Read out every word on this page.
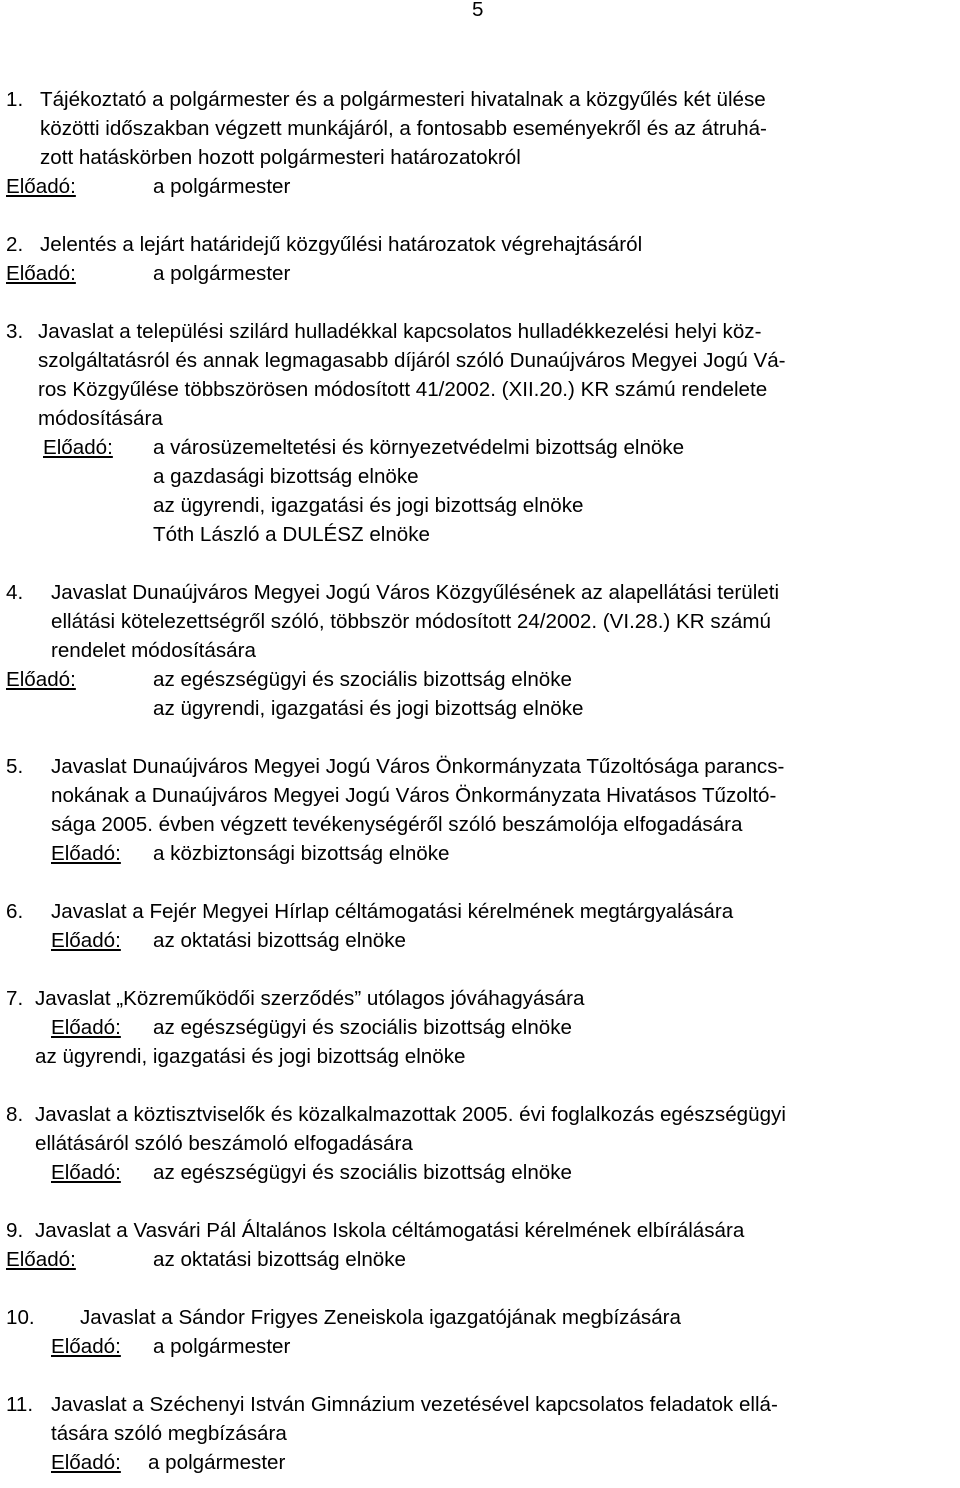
5
1. Tájékoztató a polgármester és a polgármesteri hivatalnak a közgyűlés két ülése
közötti időszakban végzett munkájáról, a fontosabb eseményekről és az átruhá-
zott hatáskörben hozott polgármesteri határozatokról
Előadó:	a polgármester
2. Jelentés a lejárt határidejű közgyűlési határozatok végrehajtásáról
Előadó:	a polgármester
3. Javaslat a települési szilárd hulladékkal kapcsolatos hulladékkezelési helyi köz-
szolgáltatásról és annak legmagasabb díjáról szóló Dunaújváros Megyei Jogú Vá-
ros Közgyűlése többszörösen módosított 41/2002. (XII.20.) KR számú rendelete
módosítására
Előadó: a városüzemeltetési és környezetvédelmi bizottság elnöke
a gazdasági bizottság elnöke
az ügyrendi, igazgatási és jogi bizottság elnöke
Tóth László a DULÉSZ elnöke
4. Javaslat Dunaújváros Megyei Jogú Város Közgyűlésének az alapellátási területi
ellátási kötelezettségről szóló, többször módosított 24/2002. (VI.28.) KR számú
rendelet módosítására
Előadó:	az egészségügyi és szociális bizottság elnöke
az ügyrendi, igazgatási és jogi bizottság elnöke
5. Javaslat Dunaújváros Megyei Jogú Város Önkormányzata Tűzoltósága parancs-
nokának a Dunaújváros Megyei Jogú Város Önkormányzata Hivatásos Tűzoltó-
sága 2005. évben végzett tevékenységéről szóló beszámolója elfogadására
Előadó: a közbiztonsági bizottság elnöke
6. Javaslat a Fejér Megyei Hírlap céltámogatási kérelmének megtárgyalására
Előadó: az oktatási bizottság elnöke
7. Javaslat „Közreműködői szerződés” utólagos jóváhagyására
Előadó: az egészségügyi és szociális bizottság elnöke
az ügyrendi, igazgatási és jogi bizottság elnöke
8. Javaslat a köztisztviselők és közalkalmazottak 2005. évi foglalkozás egészségügyi
ellátásáról szóló beszámoló elfogadására
Előadó: az egészségügyi és szociális bizottság elnöke
9. Javaslat a Vasvári Pál Általános Iskola céltámogatási kérelmének elbírálására
Előadó:	az oktatási bizottság elnöke
10. Javaslat a Sándor Frigyes Zeneiskola igazgatójának megbízására
Előadó: a polgármester
11. Javaslat a Széchenyi István Gimnázium vezetésével kapcsolatos feladatok ellá-
tására szóló megbízására
Előadó: a polgármester
